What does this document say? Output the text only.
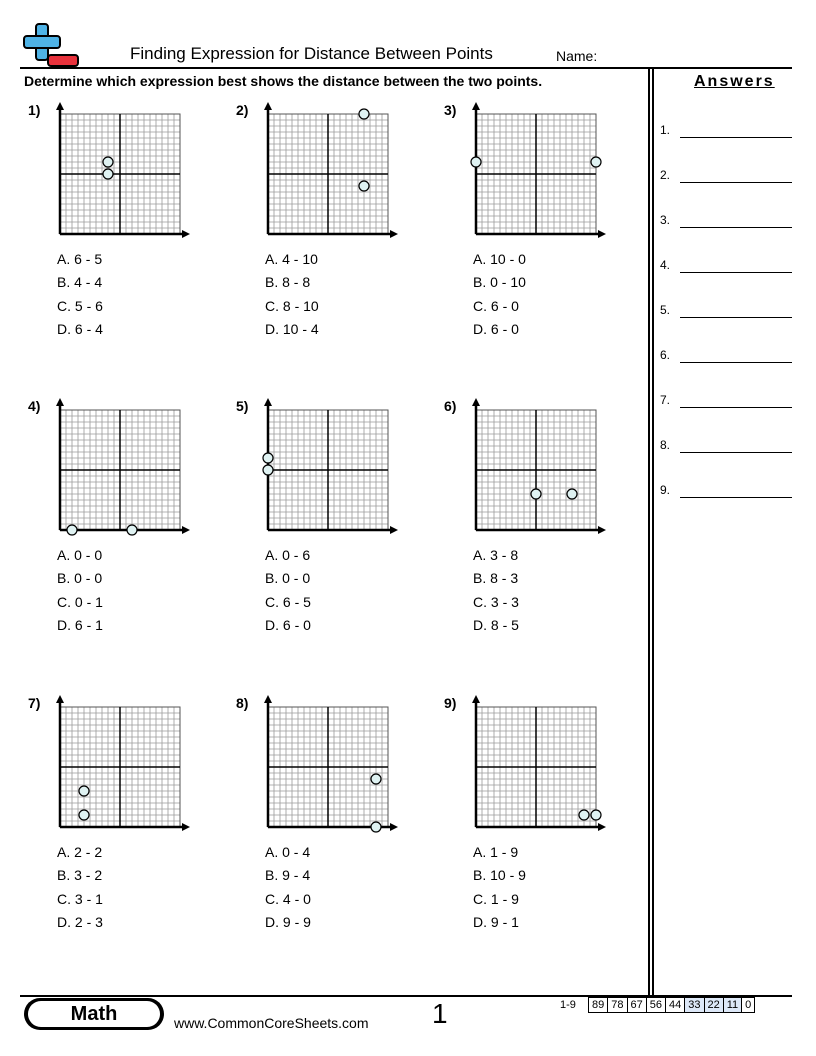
Finding Expression for Distance Between Points	Name:
Determine which expression best shows the distance between the two points.	Answers
1.
2.
3.
4.
5.
6.
7.
8.
9.
1)
A. 6 - 5
B. 4 - 4
C. 5 - 6
D. 6 - 4
2)
A. 4 - 10
B. 8 - 8
C. 8 - 10
D. 10 - 4
3)
A. 10 - 0
B. 0 - 10
C. 6 - 0
D. 6 - 0
4)
A. 0 - 0
B. 0 - 0
C. 0 - 1
D. 6 - 1
5)
A. 0 - 6
B. 0 - 0
C. 6 - 5
D. 6 - 0
6)
A. 3 - 8
B. 8 - 3
C. 3 - 3
D. 8 - 5
7)
A. 2 - 2
B. 3 - 2
C. 3 - 1
D. 2 - 3
8)
A. 0 - 4
B. 9 - 4
C. 4 - 0
D. 9 - 9
9)
A. 1 - 9
B. 10 - 9
C. 1 - 9
D. 9 - 1
Math	www.CommonCoreSheets.com 1	1-9 89	78	67	56	44	33	22	11	0
